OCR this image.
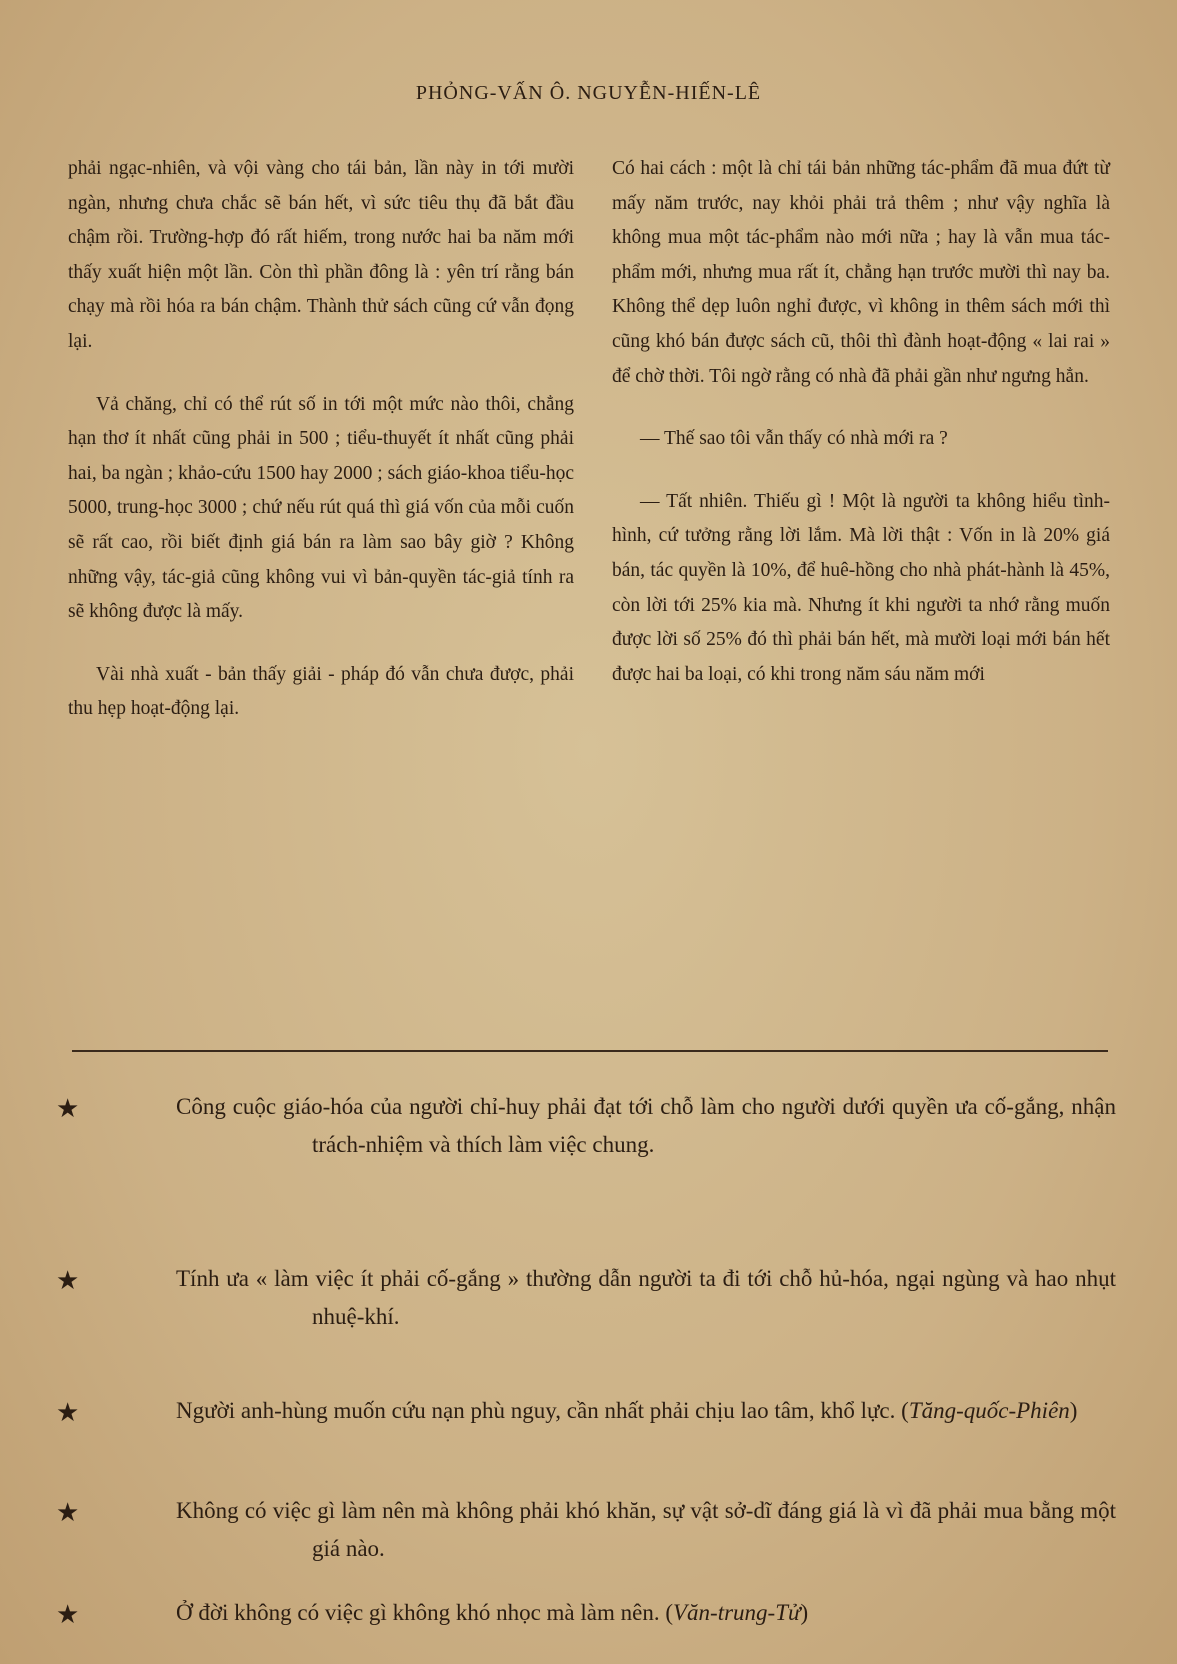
PHỎNG-VẤN Ô. NGUYỄN-HIẾN-LÊ

phải ngạc-nhiên, và vội vàng cho tái bản, lần này in tới mười ngàn, nhưng chưa chắc sẽ bán hết, vì sức tiêu thụ đã bắt đầu chậm rồi. Trường-hợp đó rất hiếm, trong nước hai ba năm mới thấy xuất hiện một lần. Còn thì phần đông là : yên trí rằng bán chạy mà rồi hóa ra bán chậm. Thành thử sách cũng cứ vẫn đọng lại.

Vả chăng, chỉ có thể rút số in tới một mức nào thôi, chẳng hạn thơ ít nhất cũng phải in 500 ; tiểu-thuyết ít nhất cũng phải hai, ba ngàn ; khảo-cứu 1500 hay 2000 ; sách giáo-khoa tiểu-học 5000, trung-học 3000 ; chứ nếu rút quá thì giá vốn của mỗi cuốn sẽ rất cao, rồi biết định giá bán ra làm sao bây giờ ? Không những vậy, tác-giả cũng không vui vì bản-quyền tác-giả tính ra sẽ không được là mấy.

Vài nhà xuất - bản thấy giải - pháp đó vẫn chưa được, phải thu hẹp hoạt-động lại.

Có hai cách : một là chỉ tái bản những tác-phẩm đã mua đứt từ mấy năm trước, nay khỏi phải trả thêm ; như vậy nghĩa là không mua một tác-phẩm nào mới nữa ; hay là vẫn mua tác-phẩm mới, nhưng mua rất ít, chẳng hạn trước mười thì nay ba. Không thể dẹp luôn nghỉ được, vì không in thêm sách mới thì cũng khó bán được sách cũ, thôi thì đành hoạt-động « lai rai » để chờ thời. Tôi ngờ rằng có nhà đã phải gần như ngưng hẳn.

— Thế sao tôi vẫn thấy có nhà mới ra ?

— Tất nhiên. Thiếu gì ! Một là người ta không hiểu tình-hình, cứ tưởng rằng lời lắm. Mà lời thật : Vốn in là 20% giá bán, tác quyền là 10%, để huê-hồng cho nhà phát-hành là 45%, còn lời tới 25% kia mà. Nhưng ít khi người ta nhớ rằng muốn được lời số 25% đó thì phải bán hết, mà mười loại mới bán hết được hai ba loại, có khi trong năm sáu năm mới

★	Công cuộc giáo-hóa của người chỉ-huy phải đạt tới chỗ làm cho người dưới quyền ưa cố-gắng, nhận trách-nhiệm và thích làm việc chung.
★	Tính ưa « làm việc ít phải cố-gắng » thường dẫn người ta đi tới chỗ hủ-hóa, ngại ngùng và hao nhụt nhuệ-khí.
★	Người anh-hùng muốn cứu nạn phù nguy, cần nhất phải chịu lao tâm, khổ lực. (Tăng-quốc-Phiên)
★	Không có việc gì làm nên mà không phải khó khăn, sự vật sở-dĩ đáng giá là vì đã phải mua bằng một giá nào.
★	Ở đời không có việc gì không khó nhọc mà làm nên. (Văn-trung-Tử)
